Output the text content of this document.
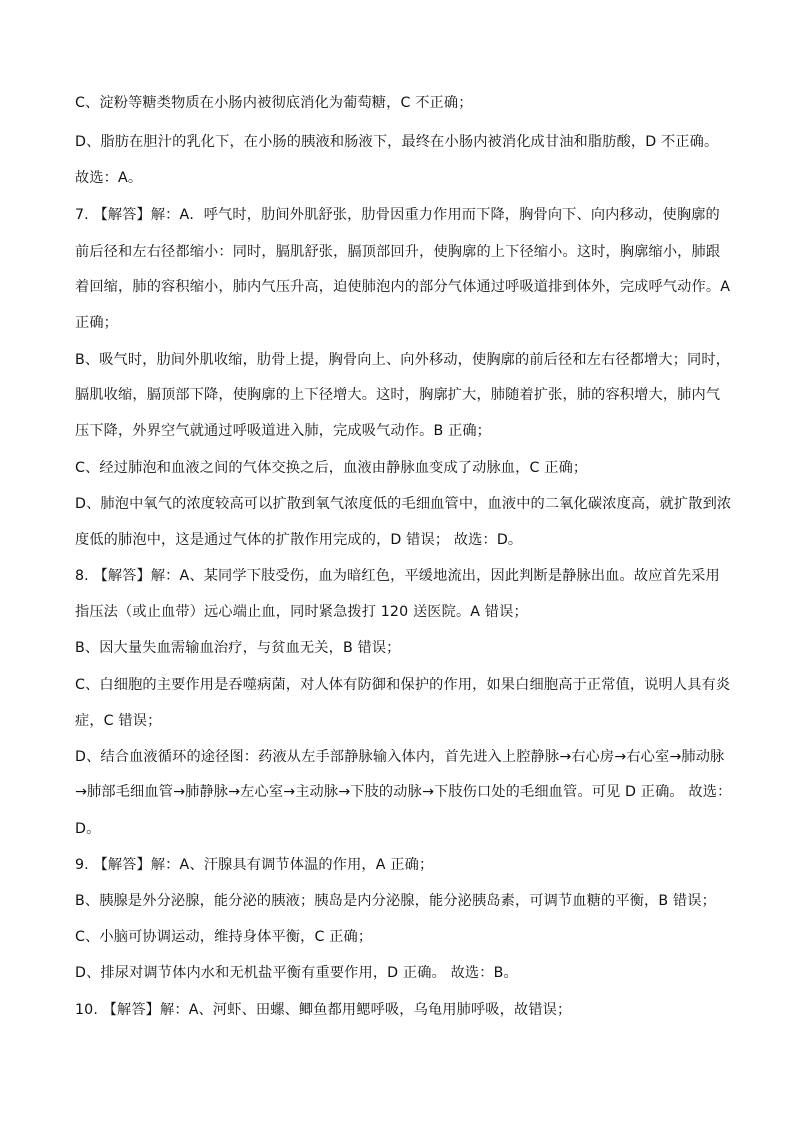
C、淀粉等糖类物质在小肠内被彻底消化为葡萄糖，C 不正确；
D、脂肪在胆汁的乳化下，在小肠的胰液和肠液下，最终在小肠内被消化成甘油和脂肪酸，D 不正确。
故选：A。
7. 【解答】解：A．呼气时，肋间外肌舒张，肋骨因重力作用而下降，胸骨向下、向内移动，使胸廓的
前后径和左右径都缩小：同时，膈肌舒张，膈顶部回升，使胸廓的上下径缩小。这时，胸廓缩小，肺跟
着回缩，肺的容积缩小，肺内气压升高，迫使肺泡内的部分气体通过呼吸道排到体外，完成呼气动作。A
正确；
B、吸气时，肋间外肌收缩，肋骨上提，胸骨向上、向外移动，使胸廓的前后径和左右径都增大；同时，
膈肌收缩，膈顶部下降，使胸廓的上下径增大。这时，胸廓扩大，肺随着扩张，肺的容积增大，肺内气
压下降，外界空气就通过呼吸道进入肺，完成吸气动作。B 正确；
C、经过肺泡和血液之间的气体交换之后，血液由静脉血变成了动脉血，C 正确；
D、肺泡中氧气的浓度较高可以扩散到氧气浓度低的毛细血管中，血液中的二氧化碳浓度高，就扩散到浓
度低的肺泡中，这是通过气体的扩散作用完成的，D 错误； 故选：D。
8. 【解答】解：A、某同学下肢受伤，血为暗红色，平缓地流出，因此判断是静脉出血。故应首先采用
指压法（或止血带）远心端止血，同时紧急拨打 120 送医院。A 错误；
B、因大量失血需输血治疗，与贫血无关，B 错误；
C、白细胞的主要作用是吞噬病菌，对人体有防御和保护的作用，如果白细胞高于正常值，说明人具有炎
症，C 错误；
D、结合血液循环的途径图：药液从左手部静脉输入体内，首先进入上腔静脉→右心房→右心室→肺动脉
→肺部毛细血管→肺静脉→左心室→主动脉→下肢的动脉→下肢伤口处的毛细血管。可见 D 正确。 故选：
D。
9. 【解答】解：A、汗腺具有调节体温的作用，A 正确；
B、胰腺是外分泌腺，能分泌的胰液；胰岛是内分泌腺，能分泌胰岛素，可调节血糖的平衡，B 错误；
C、小脑可协调运动，维持身体平衡，C 正确；
D、排尿对调节体内水和无机盐平衡有重要作用，D 正确。 故选：B。
10. 【解答】解：A、河虾、田螺、鲫鱼都用鳃呼吸，乌龟用肺呼吸，故错误；
